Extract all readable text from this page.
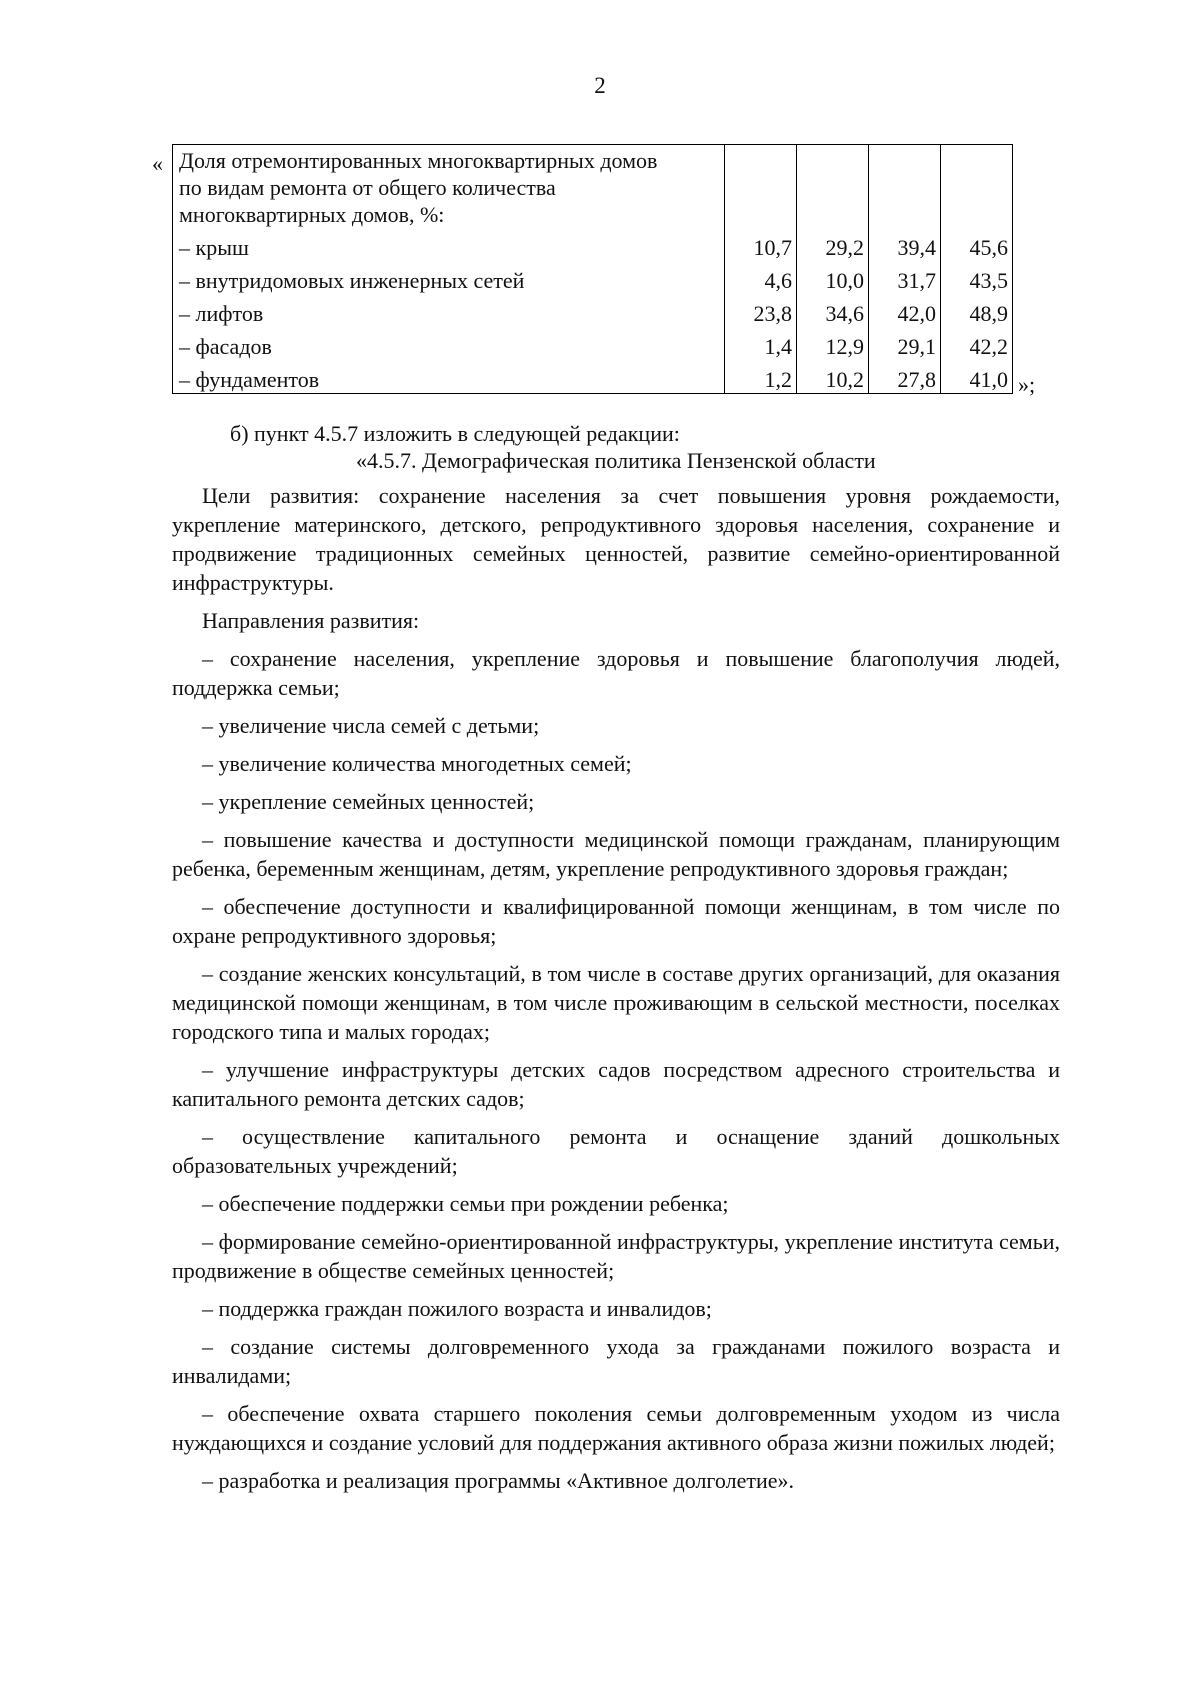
2
« Доля отремонтированных многоквартирных домов
по видам ремонта от общего количества
многоквартирных домов, %:				

– крыш	10,7	29,2	39,4	45,6
– внутридомовых инженерных сетей	4,6	10,0	31,7	43,5
– лифтов	23,8	34,6	42,0	48,9
– фасадов	1,4	12,9	29,1	42,2
– фундаментов	1,2	10,2	27,8	41,0 »;
б) пункт 4.5.7 изложить в следующей редакции:
«4.5.7. Демографическая политика Пензенской области

Цели развития: сохранение населения за счет повышения уровня рождаемости, укрепление материнского, детского, репродуктивного здоровья населения, сохранение и продвижение традиционных семейных ценностей, развитие семейно-ориентированной инфраструктуры.

Направления развития:

– сохранение населения, укрепление здоровья и повышение благополучия людей, поддержка семьи;

– увеличение числа семей с детьми;

– увеличение количества многодетных семей;

– укрепление семейных ценностей;

– повышение качества и доступности медицинской помощи гражданам, планирующим ребенка, беременным женщинам, детям, укрепление репродуктивного здоровья граждан;

– обеспечение доступности и квалифицированной помощи женщинам, в том числе по охране репродуктивного здоровья;

– создание женских консультаций, в том числе в составе других организаций, для оказания медицинской помощи женщинам, в том числе проживающим в сельской местности, поселках городского типа и малых городах;

– улучшение инфраструктуры детских садов посредством адресного строительства и капитального ремонта детских садов;

– осуществление капитального ремонта и оснащение зданий дошкольных образовательных учреждений;

– обеспечение поддержки семьи при рождении ребенка;

– формирование семейно-ориентированной инфраструктуры, укрепление института семьи, продвижение в обществе семейных ценностей;

– поддержка граждан пожилого возраста и инвалидов;

– создание системы долговременного ухода за гражданами пожилого возраста и инвалидами;

– обеспечение охвата старшего поколения семьи долговременным уходом из числа нуждающихся и создание условий для поддержания активного образа жизни пожилых людей;

– разработка и реализация программы «Активное долголетие».
